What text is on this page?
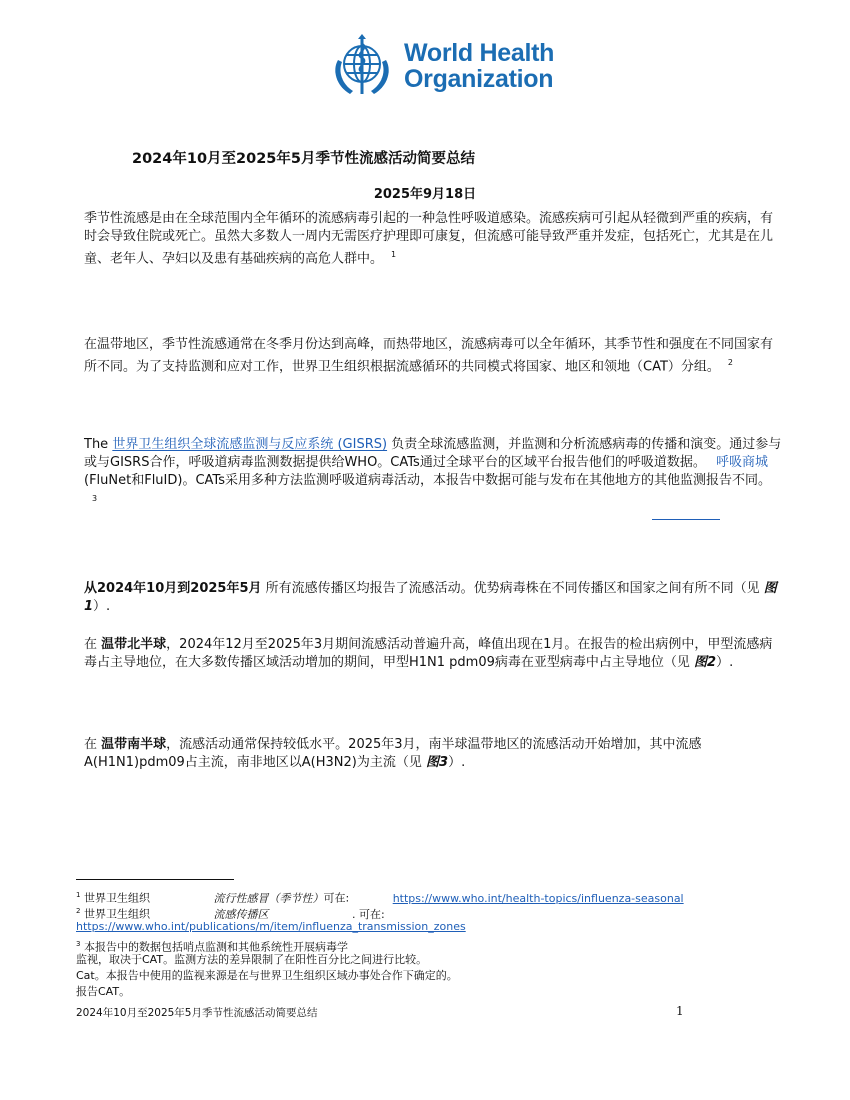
World Health
Organization
2024年10月至2025年5月季节性流感活动简要总结
2025年9月18日
季节性流感是由在全球范围内全年循环的流感病毒引起的一种急性呼吸道感染。流感疾病可引起从轻微到严重的疾病，有时会导致住院或死亡。虽然大多数人一周内无需医疗护理即可康复，但流感可能导致严重并发症，包括死亡，尤其是在儿童、老年人、孕妇以及患有基础疾病的高危人群中。 $^1$
在温带地区，季节性流感通常在冬季月份达到高峰，而热带地区，流感病毒可以全年循环，其季节性和强度在不同国家有所不同。为了支持监测和应对工作，世界卫生组织根据流感循环的共同模式将国家、地区和领地（CAT）分组。 $^2$
The 世界卫生组织全球流感监测与反应系统 (GISRS) 负责全球流感监测，并监测和分析流感病毒的传播和演变。通过参与或与GISRS合作，呼吸道病毒监测数据提供给WHO。CATs通过全球平台的区域平台报告他们的呼吸道数据。 呼吸商城
(FluNet和FluID)。CATs采用多种方法监测呼吸道病毒活动，本报告中数据可能与发布在其他地方的其他监测报告不同。$^3$
从2024年10月到2025年5月 所有流感传播区均报告了流感活动。优势病毒株在不同传播区和国家之间有所不同（见 图1）.
在 温带北半球，2024年12月至2025年3月期间流感活动普遍升高，峰值出现在1月。在报告的检出病例中，甲型流感病毒占主导地位，在大多数传播区域活动增加的期间，甲型H1N1 pdm09病毒在亚型病毒中占主导地位（见 图2）.
在 温带南半球，流感活动通常保持较低水平。2025年3月，南半球温带地区的流感活动开始增加，其中流感A(H1N1)pdm09占主流，南非地区以A(H3N2)为主流（见 图3）.
$^1$ 世界卫生组织	流行性感冒（季节性）可在:	https://www.who.int/health-topics/influenza-seasonal
$^2$ 世界卫生组织	流感传播区	. 可在:
https://www.who.int/publications/m/item/influenza_transmission_zones
$^3$ 本报告中的数据包括哨点监测和其他系统性开展病毒学
监视，取决于CAT。监测方法的差异限制了在阳性百分比之间进行比较。
Cat。本报告中使用的监视来源是在与世界卫生组织区域办事处合作下确定的。
报告CAT。
2024年10月至2025年5月季节性流感活动简要总结	1
